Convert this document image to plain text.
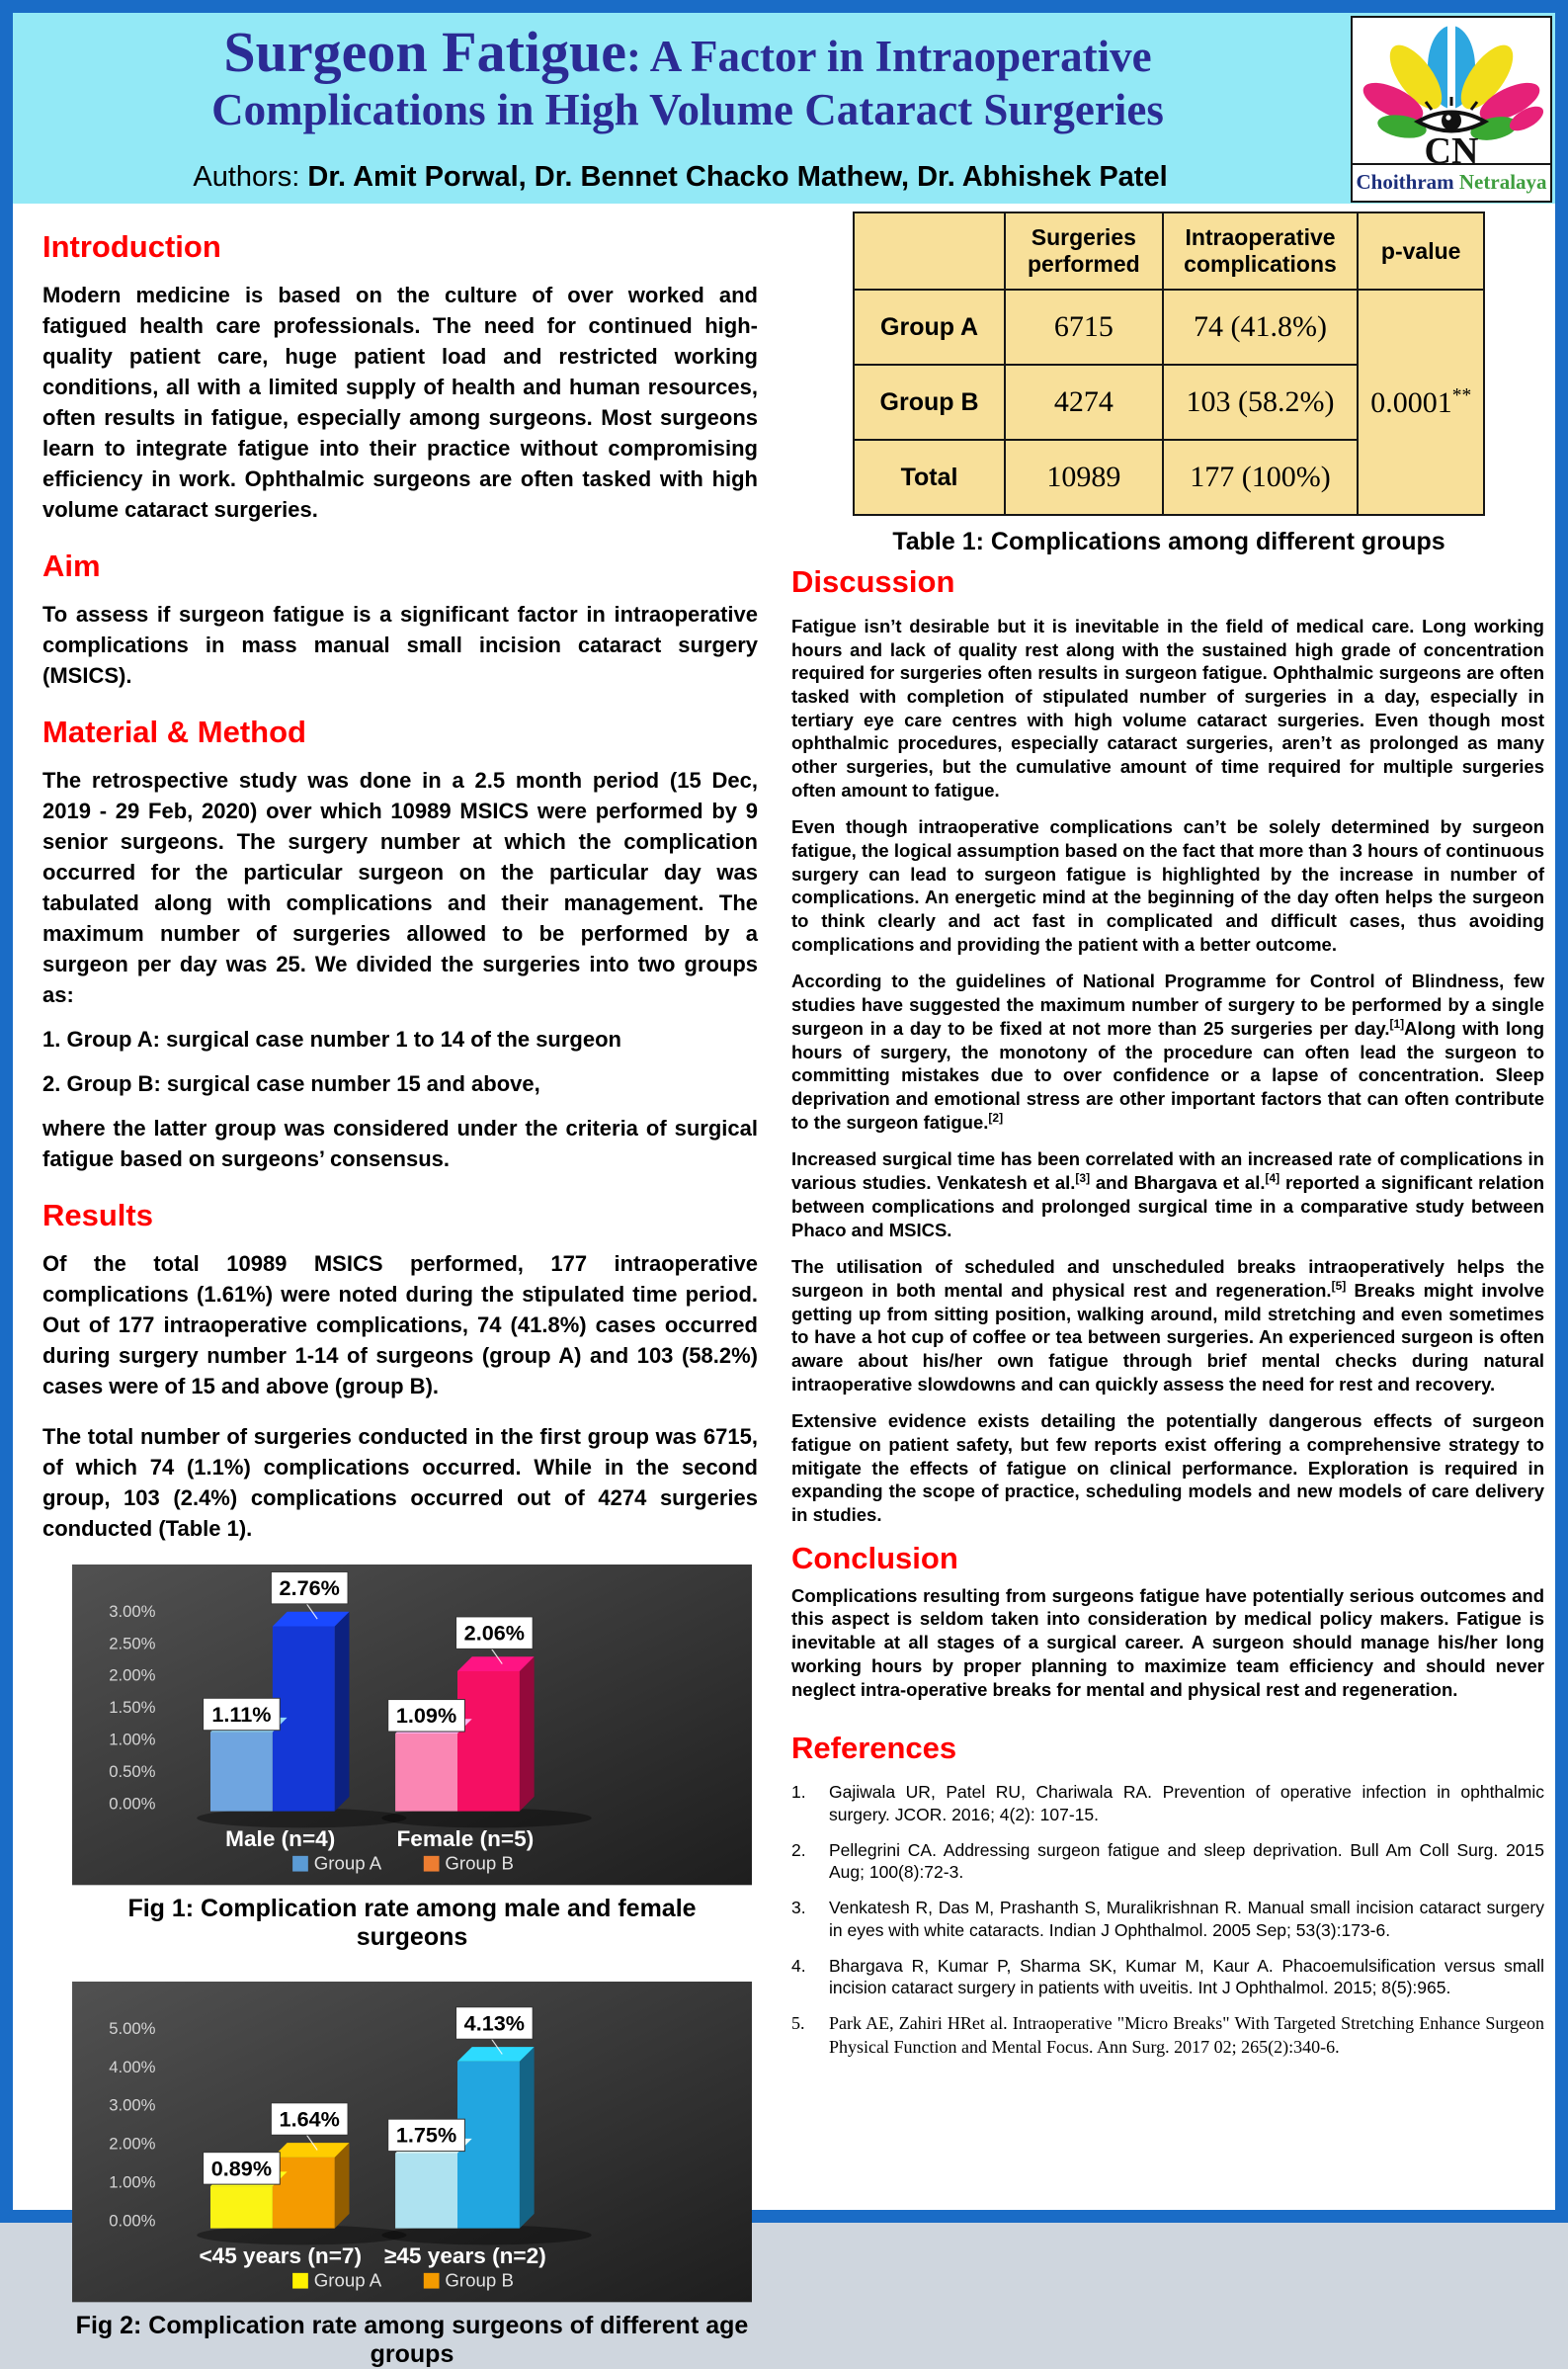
Surgeon Fatigue: A Factor in Intraoperative
Complications in High Volume Cataract Surgeries
Authors: Dr. Amit Porwal, Dr. Bennet Chacko Mathew, Dr. Abhishek Patel
CN
Choithram Netralaya
Introduction

Modern medicine is based on the culture of over worked and fatigued health care professionals. The need for continued high-quality patient care, huge patient load and restricted working conditions, all with a limited supply of health and human resources, often results in fatigue, especially among surgeons. Most surgeons learn to integrate fatigue into their practice without compromising efficiency in work. Ophthalmic surgeons are often tasked with high volume cataract surgeries.

Aim

To assess if surgeon fatigue is a significant factor in intraoperative complications in mass manual small incision cataract surgery (MSICS).

Material & Method

The retrospective study was done in a 2.5 month period (15 Dec, 2019 - 29 Feb, 2020) over which 10989 MSICS were performed by 9 senior surgeons. The surgery number at which the complication occurred for the particular surgeon on the particular day was tabulated along with complications and their management. The maximum number of surgeries allowed to be performed by a surgeon per day was 25. We divided the surgeries into two groups as:

1. Group A: surgical case number 1 to 14 of the surgeon

2. Group B: surgical case number 15 and above,

where the latter group was considered under the criteria of surgical fatigue based on surgeons’ consensus.

Results

Of the total 10989 MSICS performed, 177 intraoperative complications (1.61%) were noted during the stipulated time period. Out of 177 intraoperative complications, 74 (41.8%) cases occurred during surgery number 1-14 of surgeons (group A) and 103 (58.2%) cases were of 15 and above (group B).

The total number of surgeries conducted in the first group was 6715, of which 74 (1.1%) complications occurred. While in the second group, 103 (2.4%) complications occurred out of 4274 surgeries conducted (Table 1).

0.00%
0.50%
1.00%
1.50%
2.00%
2.50%
3.00%
1.11%
2.76%
Male (n=4)
1.09%
2.06%
Female (n=5)
Group A	Group B
Fig 1: Complication rate among male and female surgeons
0.00%
1.00%
2.00%
3.00%
4.00%
5.00%
0.89%
1.64%
<45 years (n=7)
1.75%
4.13%
≥45 years (n=2)
Group A	Group B
Fig 2: Complication rate among surgeons of different age groups
	Surgeries performed	Intraoperative complications	p-value
Group A	6715	74 (41.8%)	0.0001**
Group B	4274	103 (58.2%)	
Total	10989	177 (100%)	
Table 1: Complications among different groups
Discussion

Fatigue isn’t desirable but it is inevitable in the field of medical care. Long working hours and lack of quality rest along with the sustained high grade of concentration required for surgeries often results in surgeon fatigue. Ophthalmic surgeons are often tasked with completion of stipulated number of surgeries in a day, especially in tertiary eye care centres with high volume cataract surgeries. Even though most ophthalmic procedures, especially cataract surgeries, aren’t as prolonged as many other surgeries, but the cumulative amount of time required for multiple surgeries often amount to fatigue.

Even though intraoperative complications can’t be solely determined by surgeon fatigue, the logical assumption based on the fact that more than 3 hours of continuous surgery can lead to surgeon fatigue is highlighted by the increase in number of complications. An energetic mind at the beginning of the day often helps the surgeon to think clearly and act fast in complicated and difficult cases, thus avoiding complications and providing the patient with a better outcome.

According to the guidelines of National Programme for Control of Blindness, few studies have suggested the maximum number of surgery to be performed by a single surgeon in a day to be fixed at not more than 25 surgeries per day.[1]Along with long hours of surgery, the monotony of the procedure can often lead the surgeon to committing mistakes due to over confidence or a lapse of concentration. Sleep deprivation and emotional stress are other important factors that can often contribute to the surgeon fatigue.[2]

Increased surgical time has been correlated with an increased rate of complications in various studies. Venkatesh et al.[3] and Bhargava et al.[4] reported a significant relation between complications and prolonged surgical time in a comparative study between Phaco and MSICS.

The utilisation of scheduled and unscheduled breaks intraoperatively helps the surgeon in both mental and physical rest and regeneration.[5] Breaks might involve getting up from sitting position, walking around, mild stretching and even sometimes to have a hot cup of coffee or tea between surgeries. An experienced surgeon is often aware about his/her own fatigue through brief mental checks during natural intraoperative slowdowns and can quickly assess the need for rest and recovery.

Extensive evidence exists detailing the potentially dangerous effects of surgeon fatigue on patient safety, but few reports exist offering a comprehensive strategy to mitigate the effects of fatigue on clinical performance. Exploration is required in expanding the scope of practice, scheduling models and new models of care delivery in studies.

Conclusion

Complications resulting from surgeons fatigue have potentially serious outcomes and this aspect is seldom taken into consideration by medical policy makers. Fatigue is inevitable at all stages of a surgical career. A surgeon should manage his/her long working hours by proper planning to maximize team efficiency and should never neglect intra-operative breaks for mental and physical rest and regeneration.

References
1.	Gajiwala UR, Patel RU, Chariwala RA. Prevention of operative infection in ophthalmic surgery. JCOR. 2016; 4(2): 107-15.
2.	Pellegrini CA. Addressing surgeon fatigue and sleep deprivation. Bull Am Coll Surg. 2015 Aug; 100(8):72-3.
3.	Venkatesh R, Das M, Prashanth S, Muralikrishnan R. Manual small incision cataract surgery in eyes with white cataracts. Indian J Ophthalmol. 2005 Sep; 53(3):173-6.
4.	Bhargava R, Kumar P, Sharma SK, Kumar M, Kaur A. Phacoemulsification versus small incision cataract surgery in patients with uveitis. Int J Ophthalmol. 2015; 8(5):965.
5.	Park AE, Zahiri HRet al. Intraoperative "Micro Breaks" With Targeted Stretching Enhance Surgeon Physical Function and Mental Focus. Ann Surg. 2017 02; 265(2):340-6.
